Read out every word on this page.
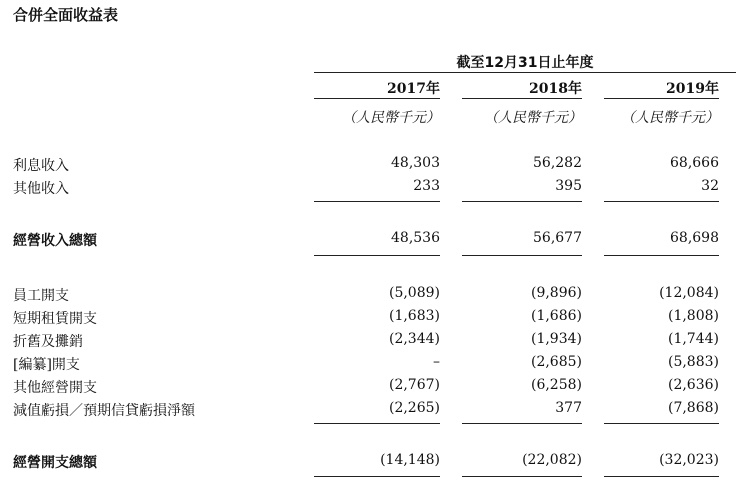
合併全面收益表
截至12月31日止年度
2017年	2018年	2019年
（人民幣千元）	（人民幣千元）	（人民幣千元）
利息收入	48,303	56,282	68,666
其他收入	233	395	32
經營收入總額	48,536	56,677	68,698
員工開支	(5,089)	(9,896)	(12,084)
短期租賃開支	(1,683)	(1,686)	(1,808)
折舊及攤銷	(2,344)	(1,934)	(1,744)
[編纂]開支	–	(2,685)	(5,883)
其他經營開支	(2,767)	(6,258)	(2,636)
減值虧損／預期信貸虧損淨額	(2,265)	377	(7,868)
經營開支總額	(14,148)	(22,082)	(32,023)
